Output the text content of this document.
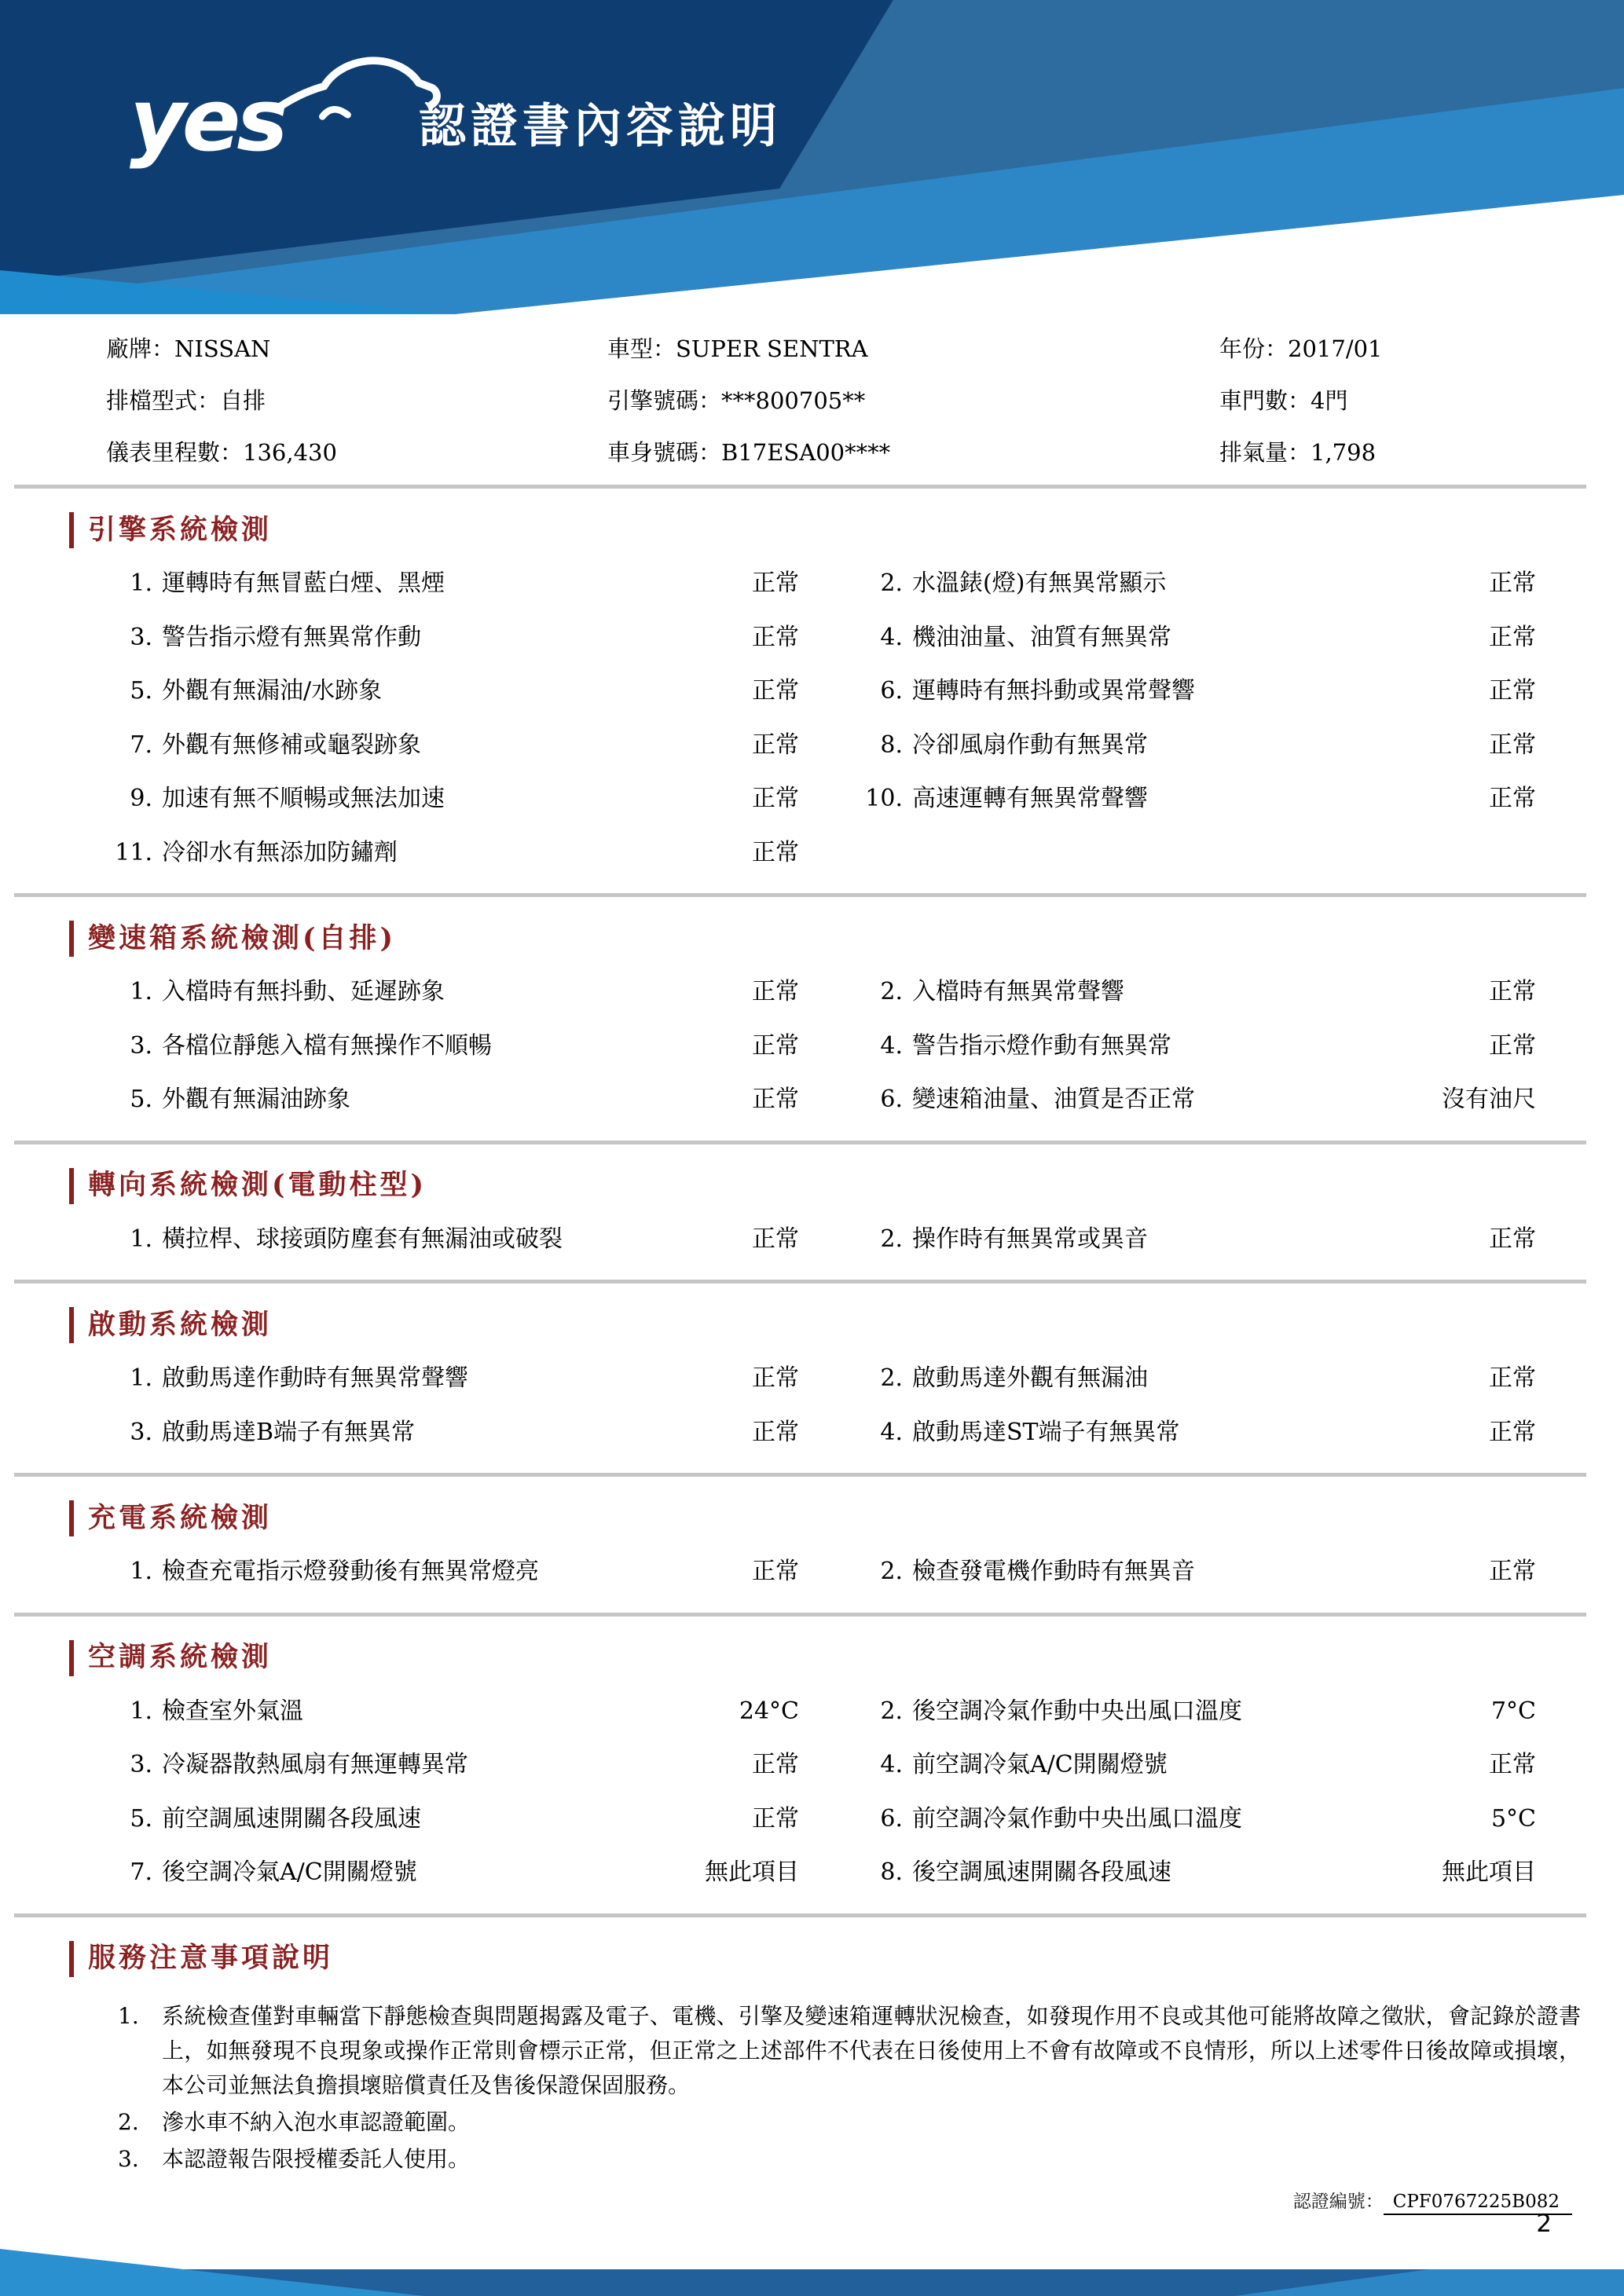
yes	認證書內容說明
廠牌：NISSAN	車型：SUPER SENTRA	年份：2017/01
排檔型式：自排	引擎號碼：***800705**	車門數：4門
儀表里程數：136,430	車身號碼：B17ESA00****	排氣量：1,798
引擎系統檢測
1. 運轉時有無冒藍白煙、黑煙	正常	2. 水溫錶(燈)有無異常顯示	正常
3. 警告指示燈有無異常作動	正常	4. 機油油量、油質有無異常	正常
5. 外觀有無漏油/水跡象	正常	6. 運轉時有無抖動或異常聲響	正常
7. 外觀有無修補或龜裂跡象	正常	8. 冷卻風扇作動有無異常	正常
9. 加速有無不順暢或無法加速	正常	10. 高速運轉有無異常聲響	正常
11. 冷卻水有無添加防鏽劑	正常
變速箱系統檢測(自排)
1. 入檔時有無抖動、延遲跡象	正常	2. 入檔時有無異常聲響	正常
3. 各檔位靜態入檔有無操作不順暢	正常	4. 警告指示燈作動有無異常	正常
5. 外觀有無漏油跡象	正常	6. 變速箱油量、油質是否正常	沒有油尺
轉向系統檢測(電動柱型)
1. 橫拉桿、球接頭防塵套有無漏油或破裂	正常	2. 操作時有無異常或異音	正常
啟動系統檢測
1. 啟動馬達作動時有無異常聲響	正常	2. 啟動馬達外觀有無漏油	正常
3. 啟動馬達B端子有無異常	正常	4. 啟動馬達ST端子有無異常	正常
充電系統檢測
1. 檢查充電指示燈發動後有無異常燈亮	正常	2. 檢查發電機作動時有無異音	正常
空調系統檢測
1. 檢查室外氣溫	24°C	2. 後空調冷氣作動中央出風口溫度	7°C
3. 冷凝器散熱風扇有無運轉異常	正常	4. 前空調冷氣A/C開關燈號	正常
5. 前空調風速開關各段風速	正常	6. 前空調冷氣作動中央出風口溫度	5°C
7. 後空調冷氣A/C開關燈號	無此項目	8. 後空調風速開關各段風速	無此項目
服務注意事項說明
1.	系統檢查僅對車輛當下靜態檢查與問題揭露及電子、電機、引擎及變速箱運轉狀況檢查，如發現作用不良或其他可能將故障之徵狀，會記錄於證書上，如無發現不良現象或操作正常則會標示正常，但正常之上述部件不代表在日後使用上不會有故障或不良情形，所以上述零件日後故障或損壞，本公司並無法負擔損壞賠償責任及售後保證保固服務。
2.	滲水車不納入泡水車認證範圍。
3.	本認證報告限授權委託人使用。
認證編號： CPF0767225B082
2
